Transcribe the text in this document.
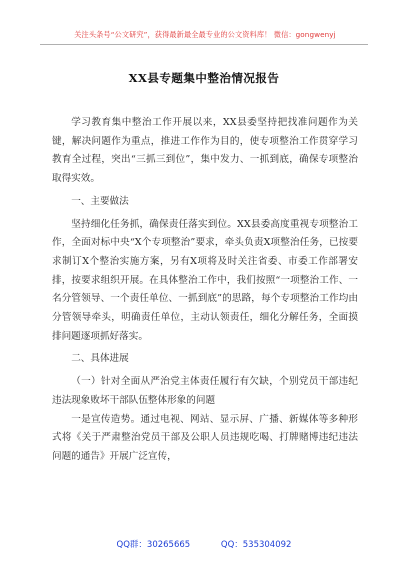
关注头条号“公文研究”，获得最新最全最专业的公文资料库！ 微信：gongwenyj
XX县专题集中整治情况报告

学习教育集中整治工作开展以来，XX县委坚持把找准问题作为关键，解决问题作为重点，推进工作作为目的，使专项整治工作贯穿学习教育全过程，突出“三抓三到位”，集中发力、一抓到底，确保专项整治取得实效。

一、主要做法

坚持细化任务抓，确保责任落实到位。XX县委高度重视专项整治工作，全面对标中央“X个专项整治”要求，牵头负责X项整治任务，已按要求制订X个整治实施方案，另有X项将及时关注省委、市委工作部署安排，按要求组织开展。在具体整治工作中，我们按照“一项整治工作、一名分管领导、一个责任单位、一抓到底”的思路，每个专项整治工作均由分管领导牵头，明确责任单位，主动认领责任，细化分解任务，全面摸排问题逐项抓好落实。

二、具体进展

（一）针对全面从严治党主体责任履行有欠缺，个别党员干部违纪违法现象败坏干部队伍整体形象的问题

一是宣传造势。通过电视、网站、显示屏、广播、新媒体等多种形式将《关于严肃整治党员干部及公职人员违规吃喝、打牌赌博违纪违法问题的通告》开展广泛宣传，

QQ群：30265665	QQ：535304092
